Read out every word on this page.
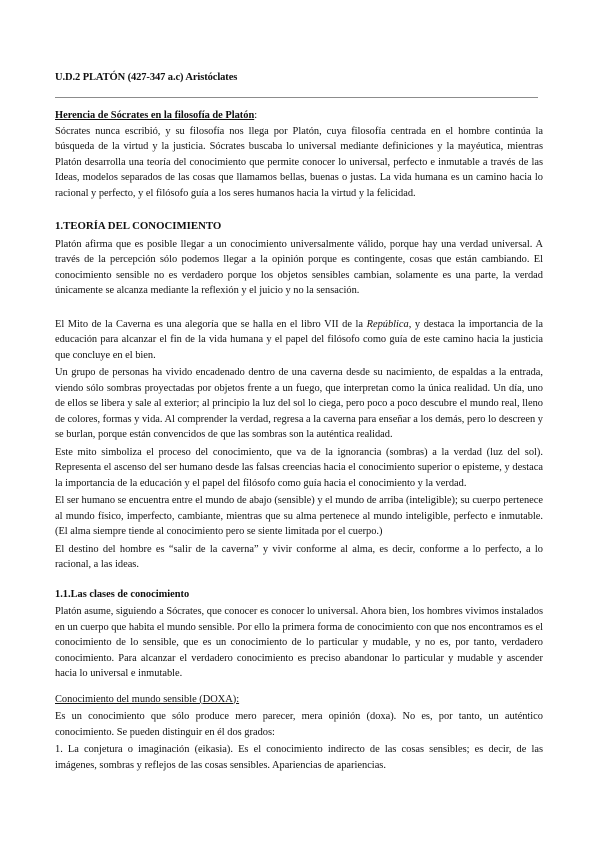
U.D.2 PLATÓN (427-347 a.c) Aristóclates

Herencia de Sócrates en la filosofía de Platón:

Sócrates nunca escribió, y su filosofía nos llega por Platón, cuya filosofía centrada en el hombre continúa la búsqueda de la virtud y la justicia. Sócrates buscaba lo universal mediante definiciones y la mayéutica, mientras Platón desarrolla una teoría del conocimiento que permite conocer lo universal, perfecto e inmutable a través de las Ideas, modelos separados de las cosas que llamamos bellas, buenas o justas. La vida humana es un camino hacia lo racional y perfecto, y el filósofo guía a los seres humanos hacia la virtud y la felicidad.

1.TEORÍA DEL CONOCIMIENTO

Platón afirma que es posible llegar a un conocimiento universalmente válido, porque hay una verdad universal. A través de la percepción sólo podemos llegar a la opinión porque es contingente, cosas que están cambiando. El conocimiento sensible no es verdadero porque los objetos sensibles cambian, solamente es una parte, la verdad únicamente se alcanza mediante la reflexión y el juicio y no la sensación.

El Mito de la Caverna es una alegoría que se halla en el libro VII de la República, y destaca la importancia de la educación para alcanzar el fin de la vida humana y el papel del filósofo como guía de este camino hacia la justicia que concluye en el bien.

Un grupo de personas ha vivido encadenado dentro de una caverna desde su nacimiento, de espaldas a la entrada, viendo sólo sombras proyectadas por objetos frente a un fuego, que interpretan como la única realidad. Un día, uno de ellos se libera y sale al exterior; al principio la luz del sol lo ciega, pero poco a poco descubre el mundo real, lleno de colores, formas y vida. Al comprender la verdad, regresa a la caverna para enseñar a los demás, pero lo descreen y se burlan, porque están convencidos de que las sombras son la auténtica realidad.

Este mito simboliza el proceso del conocimiento, que va de la ignorancia (sombras) a la verdad (luz del sol). Representa el ascenso del ser humano desde las falsas creencias hacia el conocimiento superior o episteme, y destaca la importancia de la educación y el papel del filósofo como guía hacia el conocimiento y la verdad.

El ser humano se encuentra entre el mundo de abajo (sensible) y el mundo de arriba (inteligible); su cuerpo pertenece al mundo físico, imperfecto, cambiante, mientras que su alma pertenece al mundo inteligible, perfecto e inmutable. (El alma siempre tiende al conocimiento pero se siente limitada por el cuerpo.)

El destino del hombre es “salir de la caverna” y vivir conforme al alma, es decir, conforme a lo perfecto, a lo racional, a las ideas.

1.1.Las clases de conocimiento

Platón asume, siguiendo a Sócrates, que conocer es conocer lo universal. Ahora bien, los hombres vivimos instalados en un cuerpo que habita el mundo sensible. Por ello la primera forma de conocimiento con que nos encontramos es el conocimiento de lo sensible, que es un conocimiento de lo particular y mudable, y no es, por tanto, verdadero conocimiento. Para alcanzar el verdadero conocimiento es preciso abandonar lo particular y mudable y ascender hacia lo universal e inmutable.

Conocimiento del mundo sensible (DOXA):

Es un conocimiento que sólo produce mero parecer, mera opinión (doxa). No es, por tanto, un auténtico conocimiento. Se pueden distinguir en él dos grados:

1. La conjetura o imaginación (eikasia). Es el conocimiento indirecto de las cosas sensibles; es decir, de las imágenes, sombras y reflejos de las cosas sensibles. Apariencias de apariencias.
